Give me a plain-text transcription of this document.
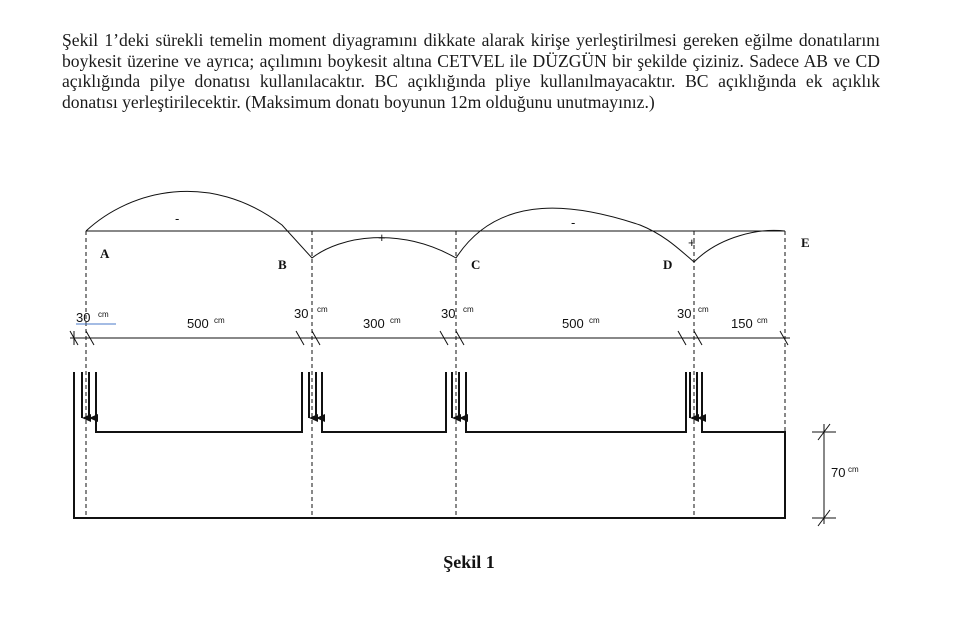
Şekil 1’deki sürekli temelin moment diyagramını dikkate alarak kirişe yerleştirilmesi gereken eğilme donatılarını boykesit üzerine ve ayrıca; açılımını boykesit altına CETVEL ile DÜZGÜN bir şekilde çiziniz. Sadece AB ve CD açıklığında pilye donatısı kullanılacaktır. BC açıklığında pliye kullanılmayacaktır. BC açıklığında ek açıklık donatısı yerleştirilecektir. (Maksimum donatı boyunun 12m olduğunu unutmayınız.)

-
+
-
+
A
B	C	D
E
30 cm
500 cm	30 cm
300 cm	30 cm
500 cm	30 cm
150 cm
70 cm
Şekil 1
